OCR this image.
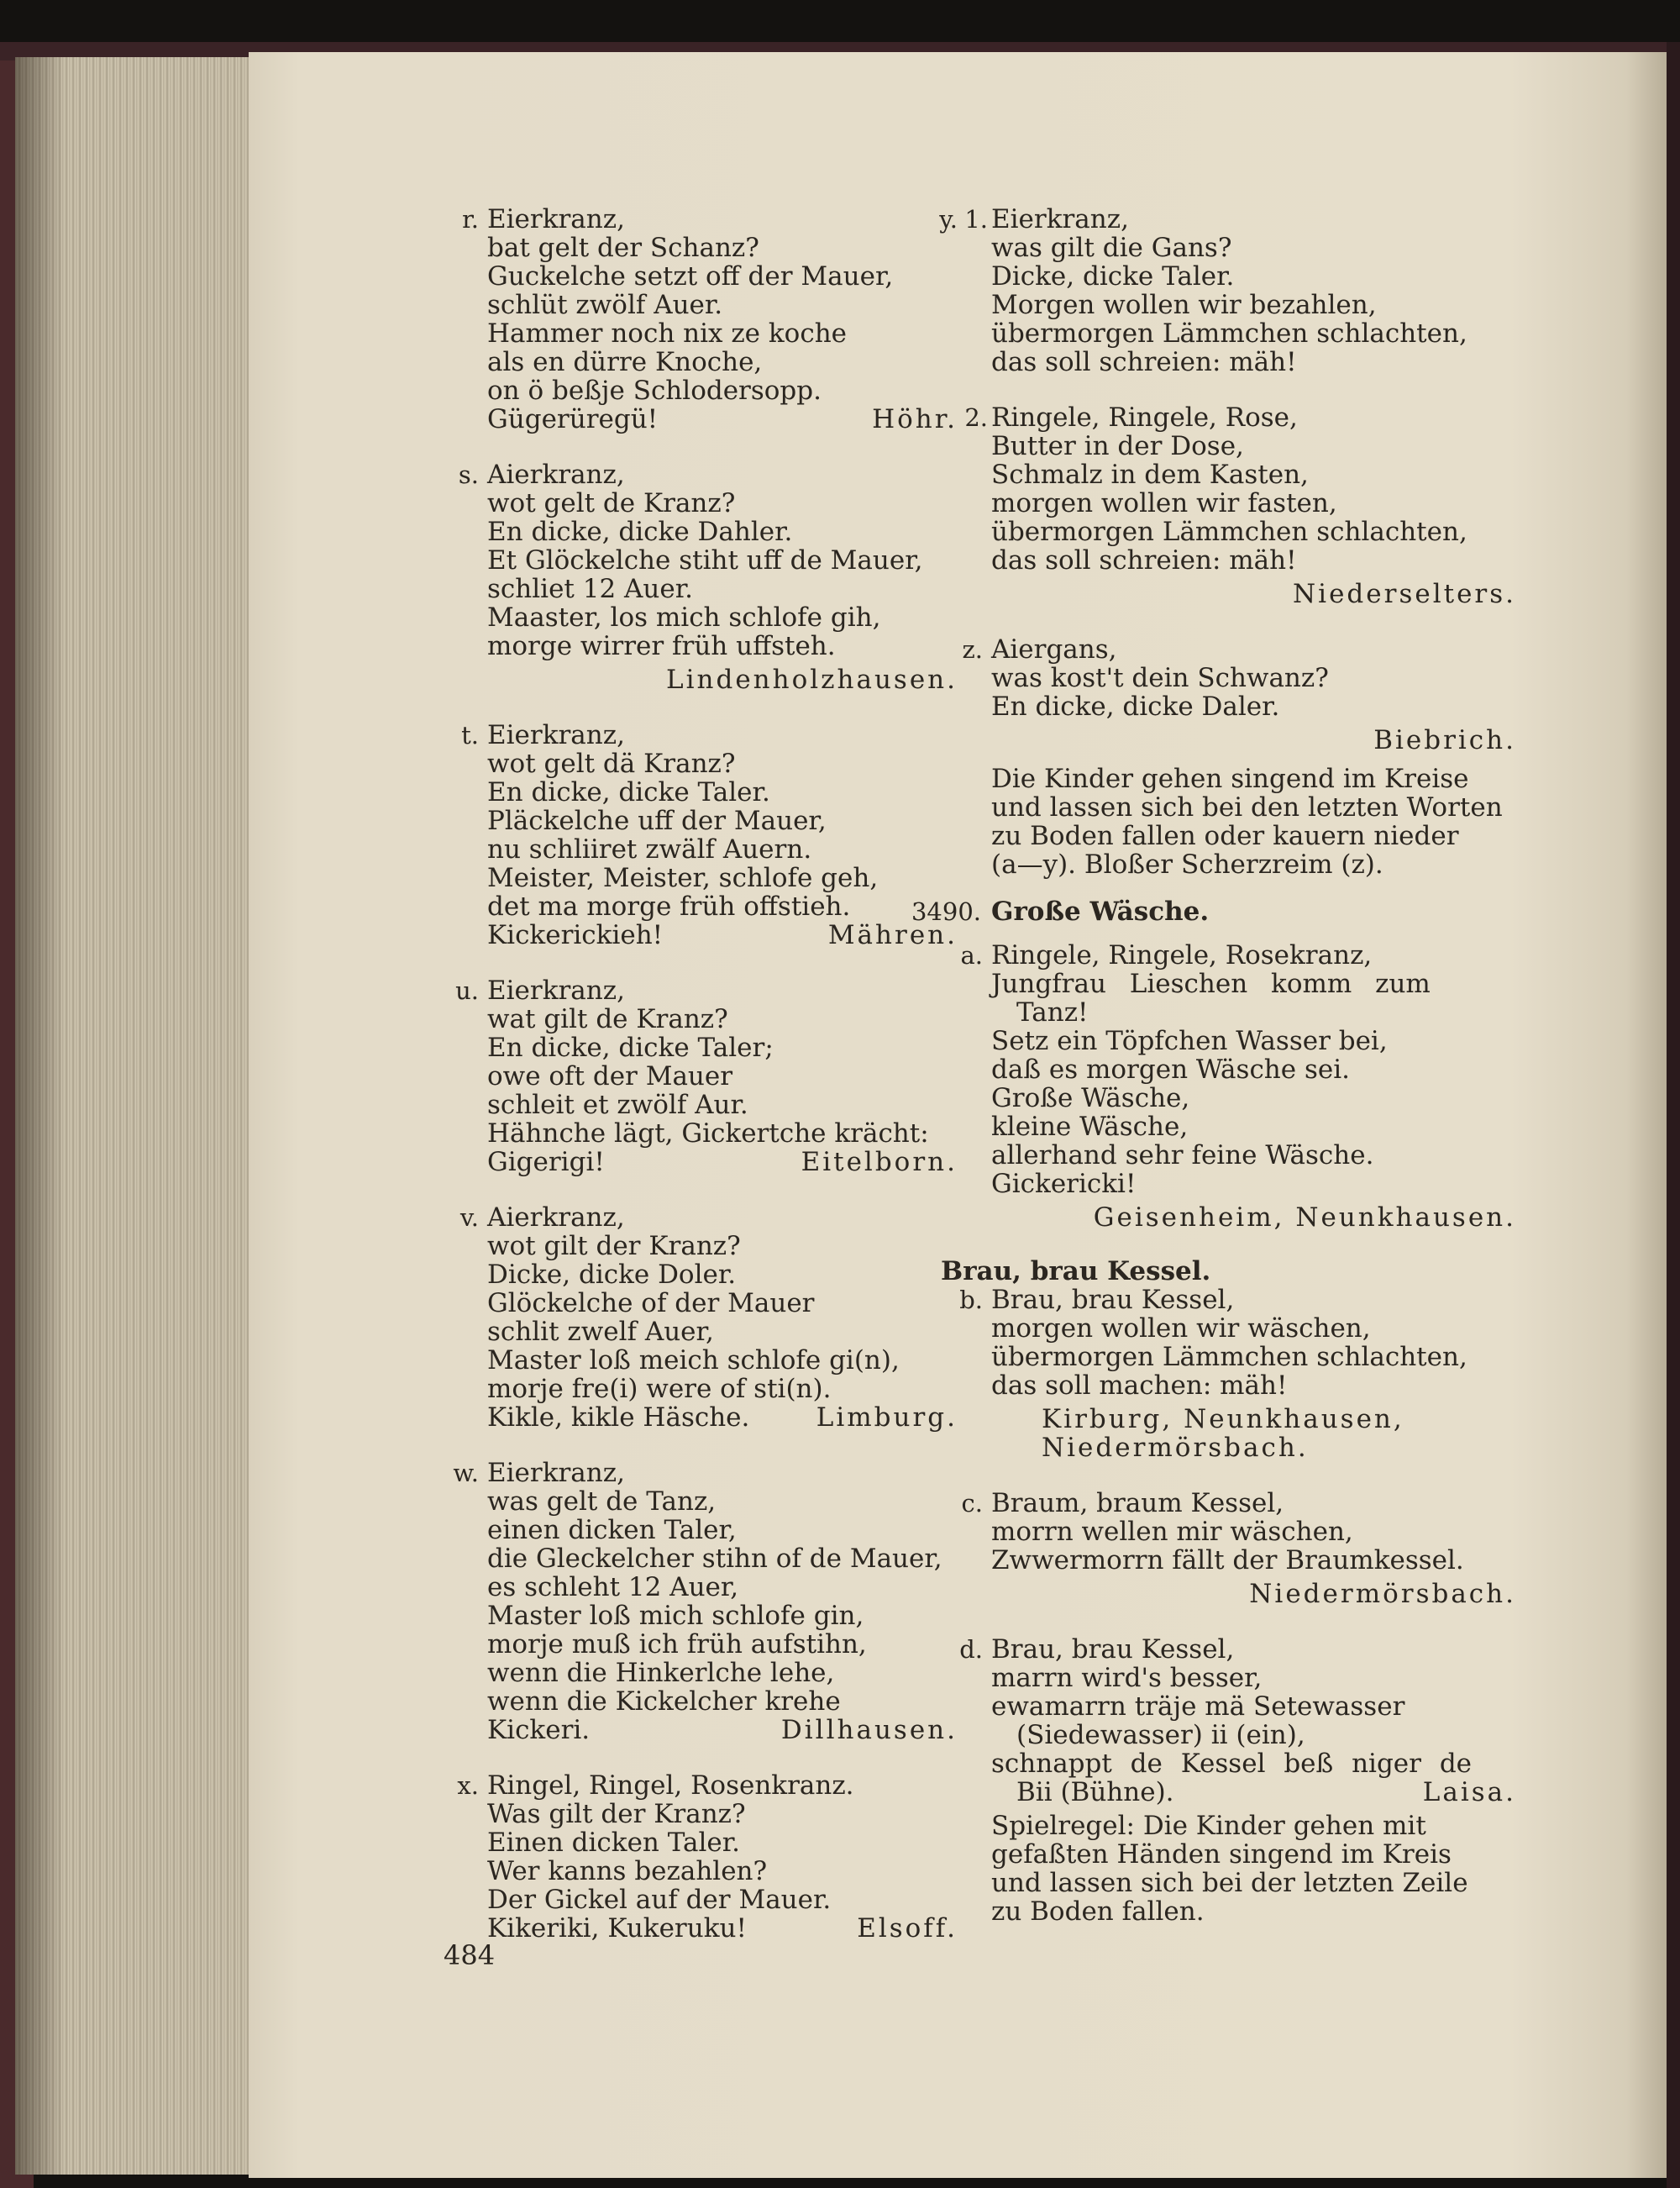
r. Eierkranz,
bat gelt der Schanz?
Guckelche setzt off der Mauer,
schlüt zwölf Auer.
Hammer noch nix ze koche
als en dürre Knoche,
on ö beßje Schlodersopp.
Gügerüregü!	Höhr.
s. Aierkranz,
wot gelt de Kranz?
En dicke, dicke Dahler.
Et Glöckelche stiht uff de Mauer,
schliet 12 Auer.
Maaster, los mich schlofe gih,
morge wirrer früh uffsteh.
Lindenholzhausen.
t. Eierkranz,
wot gelt dä Kranz?
En dicke, dicke Taler.
Pläckelche uff der Mauer,
nu schliiret zwälf Auern.
Meister, Meister, schlofe geh,
det ma morge früh offstieh.
Kickerickieh!	Mähren.
u. Eierkranz,
wat gilt de Kranz?
En dicke, dicke Taler;
owe oft der Mauer
schleit et zwölf Aur.
Hähnche lägt, Gickertche krächt:
Gigerigi!	Eitelborn.
v. Aierkranz,
wot gilt der Kranz?
Dicke, dicke Doler.
Glöckelche of der Mauer
schlit zwelf Auer,
Master loß meich schlofe gi(n),
morje fre(i) were of sti(n).
Kikle, kikle Häsche.	Limburg.
w. Eierkranz,
was gelt de Tanz,
einen dicken Taler,
die Gleckelcher stihn of de Mauer,
es schleht 12 Auer,
Master loß mich schlofe gin,
morje muß ich früh aufstihn,
wenn die Hinkerlche lehe,
wenn die Kickelcher krehe
Kickeri.	Dillhausen.
x. Ringel, Ringel, Rosenkranz.
Was gilt der Kranz?
Einen dicken Taler.
Wer kanns bezahlen?
Der Gickel auf der Mauer.
Kikeriki, Kukeruku!	Elsoff.
y. 1. Eierkranz,
was gilt die Gans?
Dicke, dicke Taler.
Morgen wollen wir bezahlen,
übermorgen Lämmchen schlachten,
das soll schreien: mäh!
2. Ringele, Ringele, Rose,
Butter in der Dose,
Schmalz in dem Kasten,
morgen wollen wir fasten,
übermorgen Lämmchen schlachten,
das soll schreien: mäh!
Niederselters.
z. Aiergans,
was kost't dein Schwanz?
En dicke, dicke Daler.
Biebrich.
Die Kinder gehen singend im Kreise
und lassen sich bei den letzten Worten
zu Boden fallen oder kauern nieder
(a—y). Bloßer Scherzreim (z).
3490. Große Wäsche.
a. Ringele, Ringele, Rosekranz,
Jungfrau Lieschen komm zum
Tanz!
Setz ein Töpfchen Wasser bei,
daß es morgen Wäsche sei.
Große Wäsche,
kleine Wäsche,
allerhand sehr feine Wäsche.
Gickericki!
Geisenheim, Neunkhausen.
Brau, brau Kessel.
b. Brau, brau Kessel,
morgen wollen wir wäschen,
übermorgen Lämmchen schlachten,
das soll machen: mäh!
Kirburg, Neunkhausen,
Niedermörsbach.
c. Braum, braum Kessel,
morrn wellen mir wäschen,
Zwwermorrn fällt der Braumkessel.
Niedermörsbach.
d. Brau, brau Kessel,
marrn wird's besser,
ewamarrn träje mä Setewasser
(Siedewasser) ii (ein),
schnappt de Kessel beß niger de
Bii (Bühne).	Laisa.
Spielregel: Die Kinder gehen mit
gefaßten Händen singend im Kreis
und lassen sich bei der letzten Zeile
zu Boden fallen.
484
